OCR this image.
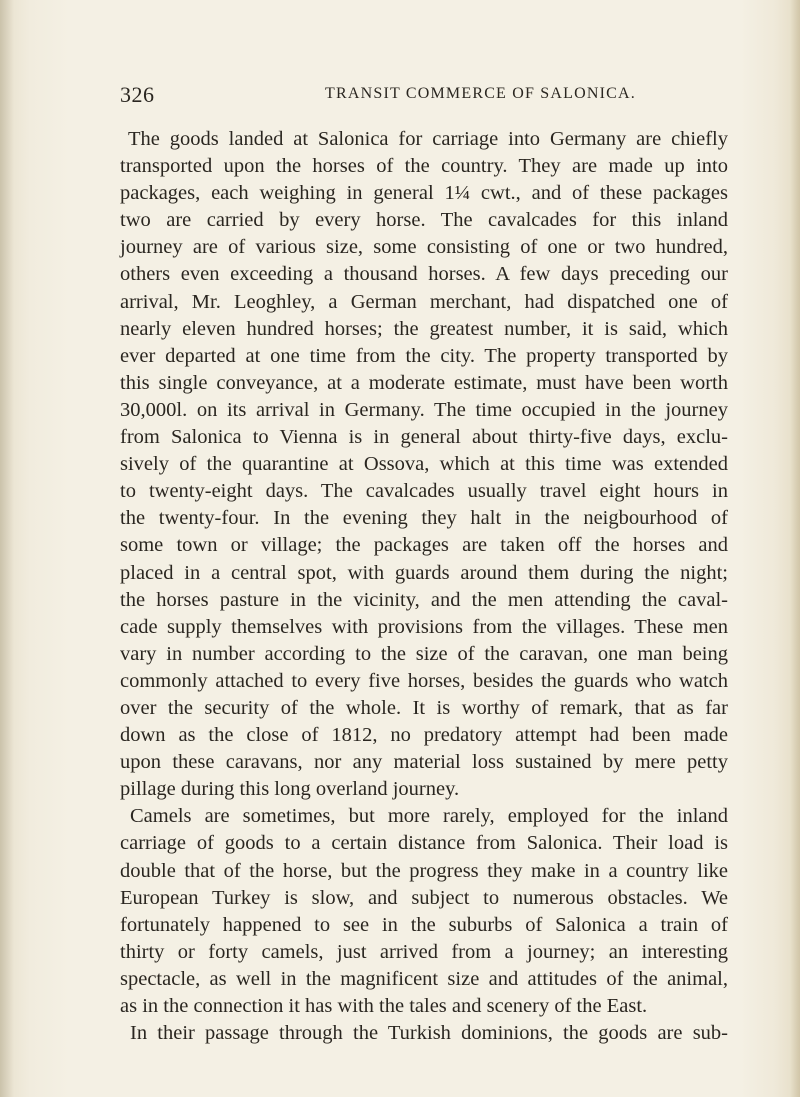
326	TRANSIT COMMERCE OF SALONICA.
The goods landed at Salonica for carriage into Germany are chiefly
transported upon the horses of the country. They are made up into
packages, each weighing in general 1¼ cwt., and of these packages
two are carried by every horse. The cavalcades for this inland
journey are of various size, some consisting of one or two hundred,
others even exceeding a thousand horses. A few days preceding our
arrival, Mr. Leoghley, a German merchant, had dispatched one of
nearly eleven hundred horses; the greatest number, it is said, which
ever departed at one time from the city. The property transported by
this single conveyance, at a moderate estimate, must have been worth
30,000l. on its arrival in Germany. The time occupied in the journey
from Salonica to Vienna is in general about thirty-five days, exclu-
sively of the quarantine at Ossova, which at this time was extended
to twenty-eight days. The cavalcades usually travel eight hours in
the twenty-four. In the evening they halt in the neigbourhood of
some town or village; the packages are taken off the horses and
placed in a central spot, with guards around them during the night;
the horses pasture in the vicinity, and the men attending the caval-
cade supply themselves with provisions from the villages. These men
vary in number according to the size of the caravan, one man being
commonly attached to every five horses, besides the guards who watch
over the security of the whole. It is worthy of remark, that as far
down as the close of 1812, no predatory attempt had been made
upon these caravans, nor any material loss sustained by mere petty
pillage during this long overland journey.
Camels are sometimes, but more rarely, employed for the inland
carriage of goods to a certain distance from Salonica. Their load is
double that of the horse, but the progress they make in a country like
European Turkey is slow, and subject to numerous obstacles. We
fortunately happened to see in the suburbs of Salonica a train of
thirty or forty camels, just arrived from a journey; an interesting
spectacle, as well in the magnificent size and attitudes of the animal,
as in the connection it has with the tales and scenery of the East.
In their passage through the Turkish dominions, the goods are sub-
